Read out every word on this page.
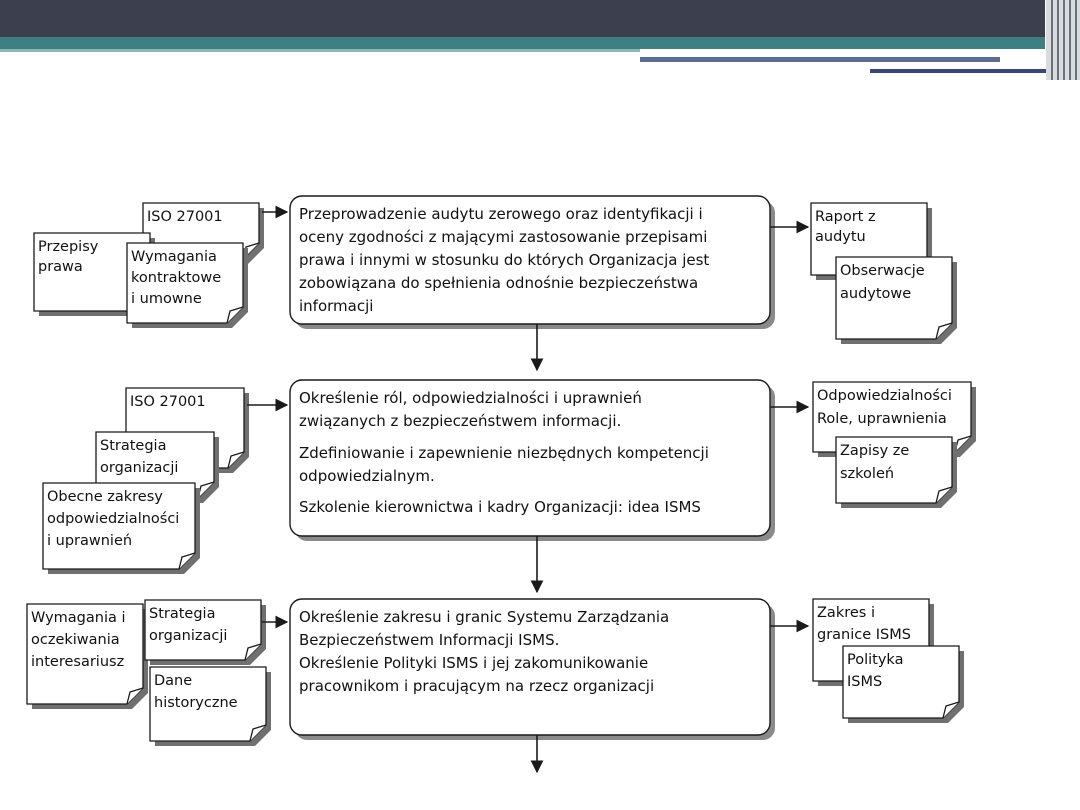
ISO 27001
Przepisy
prawa
Wymagania
kontraktowe
i umowne
Przeprowadzenie audytu zerowego oraz identyfikacji i
oceny zgodności z mającymi zastosowanie przepisami
prawa i innymi w stosunku do których Organizacja jest
zobowiązana do spełnienia odnośnie bezpieczeństwa
informacji
Raport z
audytu
Obserwacje
audytowe
ISO 27001
Strategia
organizacji
Obecne zakresy
odpowiedzialności
i uprawnień
Określenie ról, odpowiedzialności i uprawnień
związanych z bezpieczeństwem informacji.
Zdefiniowanie i zapewnienie niezbędnych kompetencji
odpowiedzialnym.
Szkolenie kierownictwa i kadry Organizacji: idea ISMS
Odpowiedzialności
Role, uprawnienia
Zapisy ze
szkoleń
Wymagania i
oczekiwania
interesariusz
Strategia
organizacji
Dane
historyczne
Określenie zakresu i granic Systemu Zarządzania
Bezpieczeństwem Informacji ISMS.
Określenie Polityki ISMS i jej zakomunikowanie
pracownikom i pracującym na rzecz organizacji
Zakres i
granice ISMS
Polityka
ISMS
